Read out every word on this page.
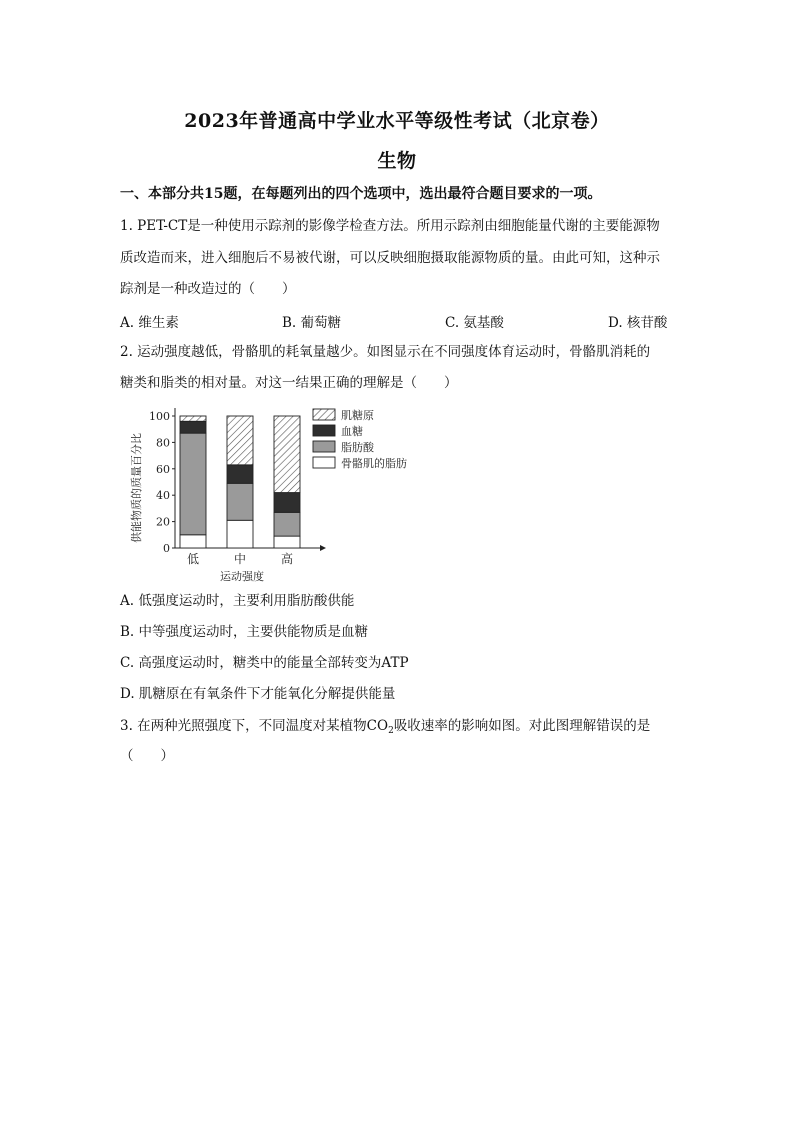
2023年普通高中学业水平等级性考试（北京卷）
生物
一、本部分共15题，在每题列出的四个选项中，选出最符合题目要求的一项。
1. PET-CT是一种使用示踪剂的影像学检查方法。所用示踪剂由细胞能量代谢的主要能源物
质改造而来，进入细胞后不易被代谢，可以反映细胞摄取能源物质的量。由此可知，这种示
踪剂是一种改造过的（　　）
A. 维生素	B. 葡萄糖	C. 氨基酸	D. 核苷酸
2. 运动强度越低，骨骼肌的耗氧量越少。如图显示在不同强度体育运动时，骨骼肌消耗的
糖类和脂类的相对量。对这一结果正确的理解是（　　）
供能物质的质量百分比
运动强度
0
20
40
60
80
100
低	中	高
肌糖原
血糖
脂肪酸
骨骼肌的脂肪
A. 低强度运动时，主要利用脂肪酸供能
B. 中等强度运动时，主要供能物质是血糖
C. 高强度运动时，糖类中的能量全部转变为ATP
D. 肌糖原在有氧条件下才能氧化分解提供能量
3. 在两种光照强度下，不同温度对某植物$CO_2$吸收速率的影响如图。对此图理解错误的是
（　　）
